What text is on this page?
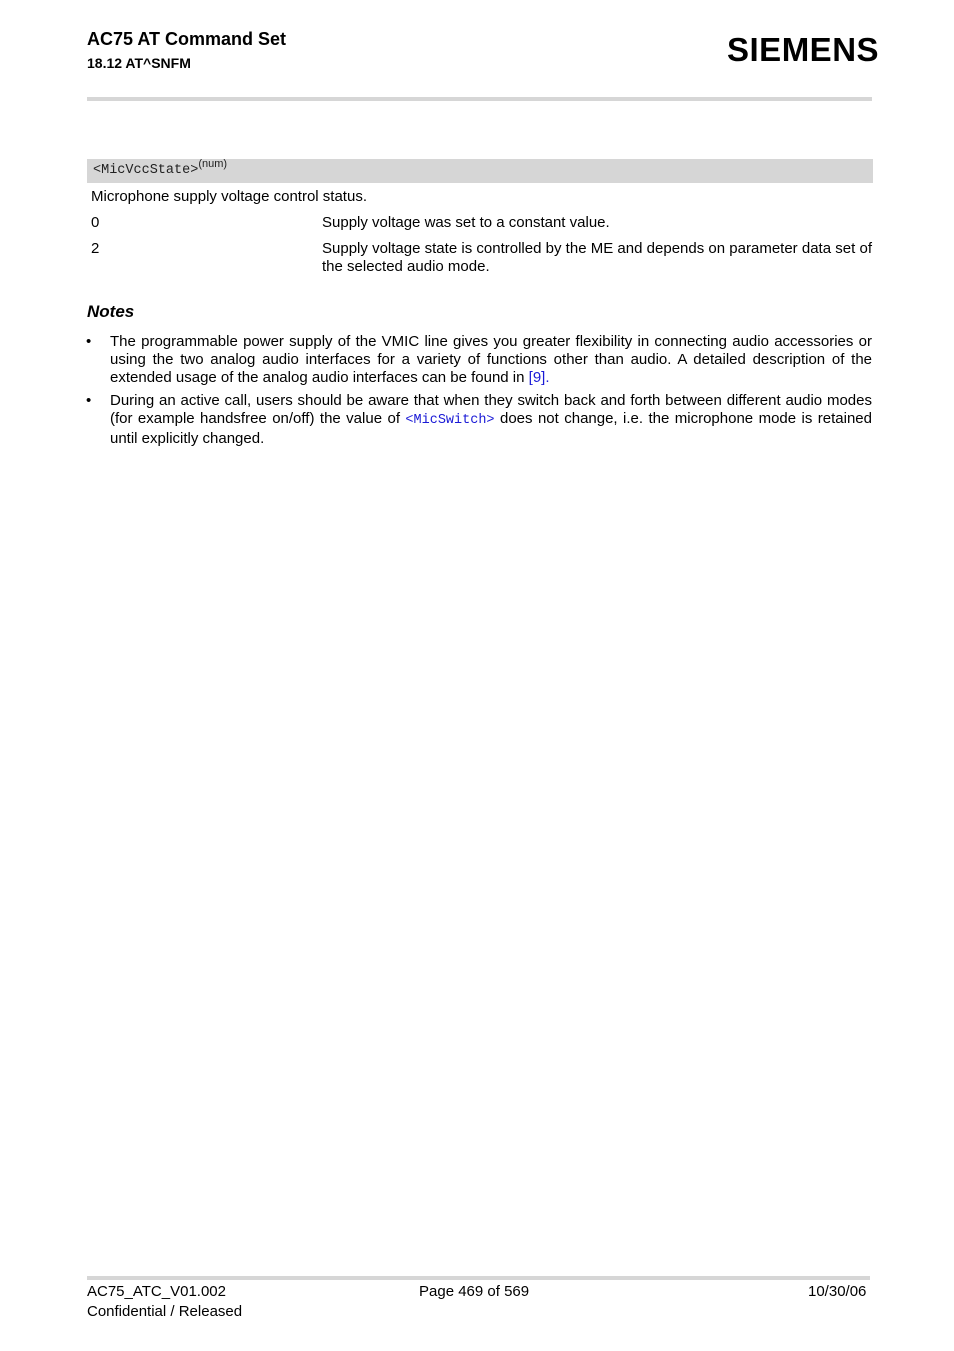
AC75 AT Command Set
18.12 AT^SNFM	SIEMENS
<MicVccState>$^{(num)}$
Microphone supply voltage control status.
0	Supply voltage was set to a constant value.
2	Supply voltage state is controlled by the ME and depends on parameter data set of the selected audio mode.
Notes
• The programmable power supply of the VMIC line gives you greater flexibility in connecting audio accessories or using the two analog audio interfaces for a variety of functions other than audio. A detailed description of the extended usage of the analog audio interfaces can be found in [9].
• During an active call, users should be aware that when they switch back and forth between different audio modes (for example handsfree on/off) the value of <MicSwitch> does not change, i.e. the microphone mode is retained until explicitly changed.
AC75_ATC_V01.002
Confidential / Released
Page 469 of 569	10/30/06
